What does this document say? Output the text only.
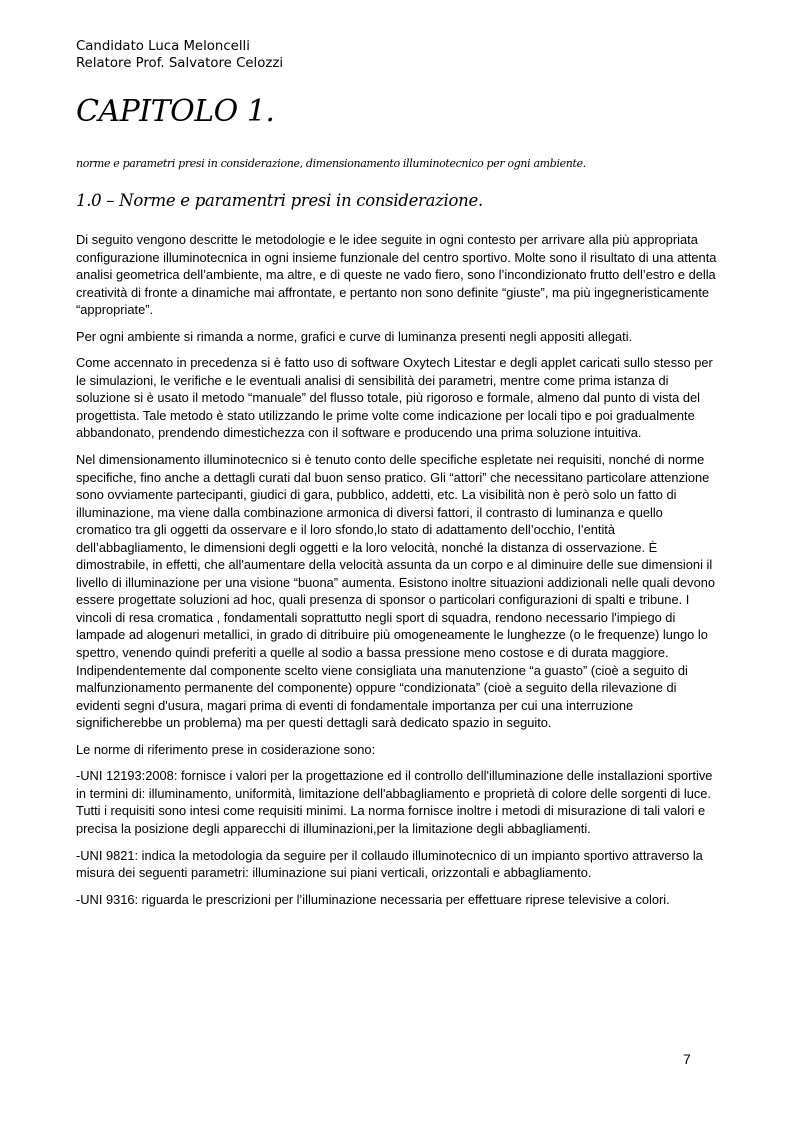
Candidato Luca Meloncelli
Relatore Prof. Salvatore Celozzi
CAPITOLO 1.
norme e parametri presi in considerazione, dimensionamento illuminotecnico per ogni ambiente.
1.0 – Norme e paramentri presi in considerazione.

Di seguito vengono descritte le metodologie e le idee seguite in ogni contesto per arrivare alla più appropriata configurazione illuminotecnica in ogni insieme funzionale del centro sportivo. Molte sono il risultato di una attenta analisi geometrica dell’ambiente, ma altre, e di queste ne vado fiero, sono l’incondizionato frutto dell’estro e della creatività di fronte a dinamiche mai affrontate, e pertanto non sono definite “giuste”, ma più ingegneristicamente “appropriate”.

Per ogni ambiente si rimanda a norme, grafici e curve di luminanza presenti negli appositi allegati.

Come accennato in precedenza si è fatto uso di software Oxytech Litestar e degli applet caricati sullo stesso per le simulazioni, le verifiche e le eventuali analisi di sensibilità dei parametri, mentre come prima istanza di soluzione si è usato il metodo “manuale” del flusso totale, più rigoroso e formale, almeno dal punto di vista del progettista. Tale metodo è stato utilizzando le prime volte come indicazione per locali tipo e poi gradualmente abbandonato, prendendo dimestichezza con il software e producendo una prima soluzione intuitiva.

Nel dimensionamento illuminotecnico si è tenuto conto delle specifiche espletate nei requisiti, nonché di norme specifiche, fino anche a dettagli curati dal buon senso pratico. Gli “attori” che necessitano particolare attenzione sono ovviamente partecipanti, giudici di gara, pubblico, addetti, etc. La visibilità non è però solo un fatto di illuminazione, ma viene dalla combinazione armonica di diversi fattori, il contrasto di luminanza e quello cromatico tra gli oggetti da osservare e il loro sfondo,lo stato di adattamento dell’occhio, l’entità dell’abbagliamento, le dimensioni degli oggetti e la loro velocità, nonché la distanza di osservazione. È dimostrabile, in effetti, che all'aumentare della velocità assunta da un corpo e al diminuire delle sue dimensioni il livello di illuminazione per una visione “buona” aumenta. Esistono inoltre situazioni addizionali nelle quali devono essere progettate soluzioni ad hoc, quali presenza di sponsor o particolari configurazioni di spalti e tribune. I vincoli di resa cromatica , fondamentali soprattutto negli sport di squadra, rendono necessario l'impiego di lampade ad alogenuri metallici, in grado di ditribuire più omogeneamente le lunghezze (o le frequenze) lungo lo spettro, venendo quindi preferiti a quelle al sodio a bassa pressione meno costose e di durata maggiore. Indipendentemente dal componente scelto viene consigliata una manutenzione “a guasto” (cioè a seguito di malfunzionamento permanente del componente) oppure “condizionata” (cioè a seguito della rilevazione di evidenti segni d'usura, magari prima di eventi di fondamentale importanza per cui una interruzione significherebbe un problema) ma per questi dettagli sarà dedicato spazio in seguito.

Le norme di riferimento prese in cosiderazione sono:

-UNI 12193:2008: fornisce i valori per la progettazione ed il controllo dell'illuminazione delle installazioni sportive in termini di: illuminamento, uniformità, limitazione dell'abbagliamento e proprietà di colore delle sorgenti di luce. Tutti i requisiti sono intesi come requisiti minimi. La norma fornisce inoltre i metodi di misurazione di tali valori e precisa la posizione degli apparecchi di illuminazioni,per la limitazione degli abbagliamenti.

-UNI 9821: indica la metodologia da seguire per il collaudo illuminotecnico di un impianto sportivo attraverso la misura dei seguenti parametri: illuminazione sui piani verticali, orizzontali e abbagliamento.

-UNI 9316: riguarda le prescrizioni per l’illuminazione necessaria per effettuare riprese televisive a colori.

7
